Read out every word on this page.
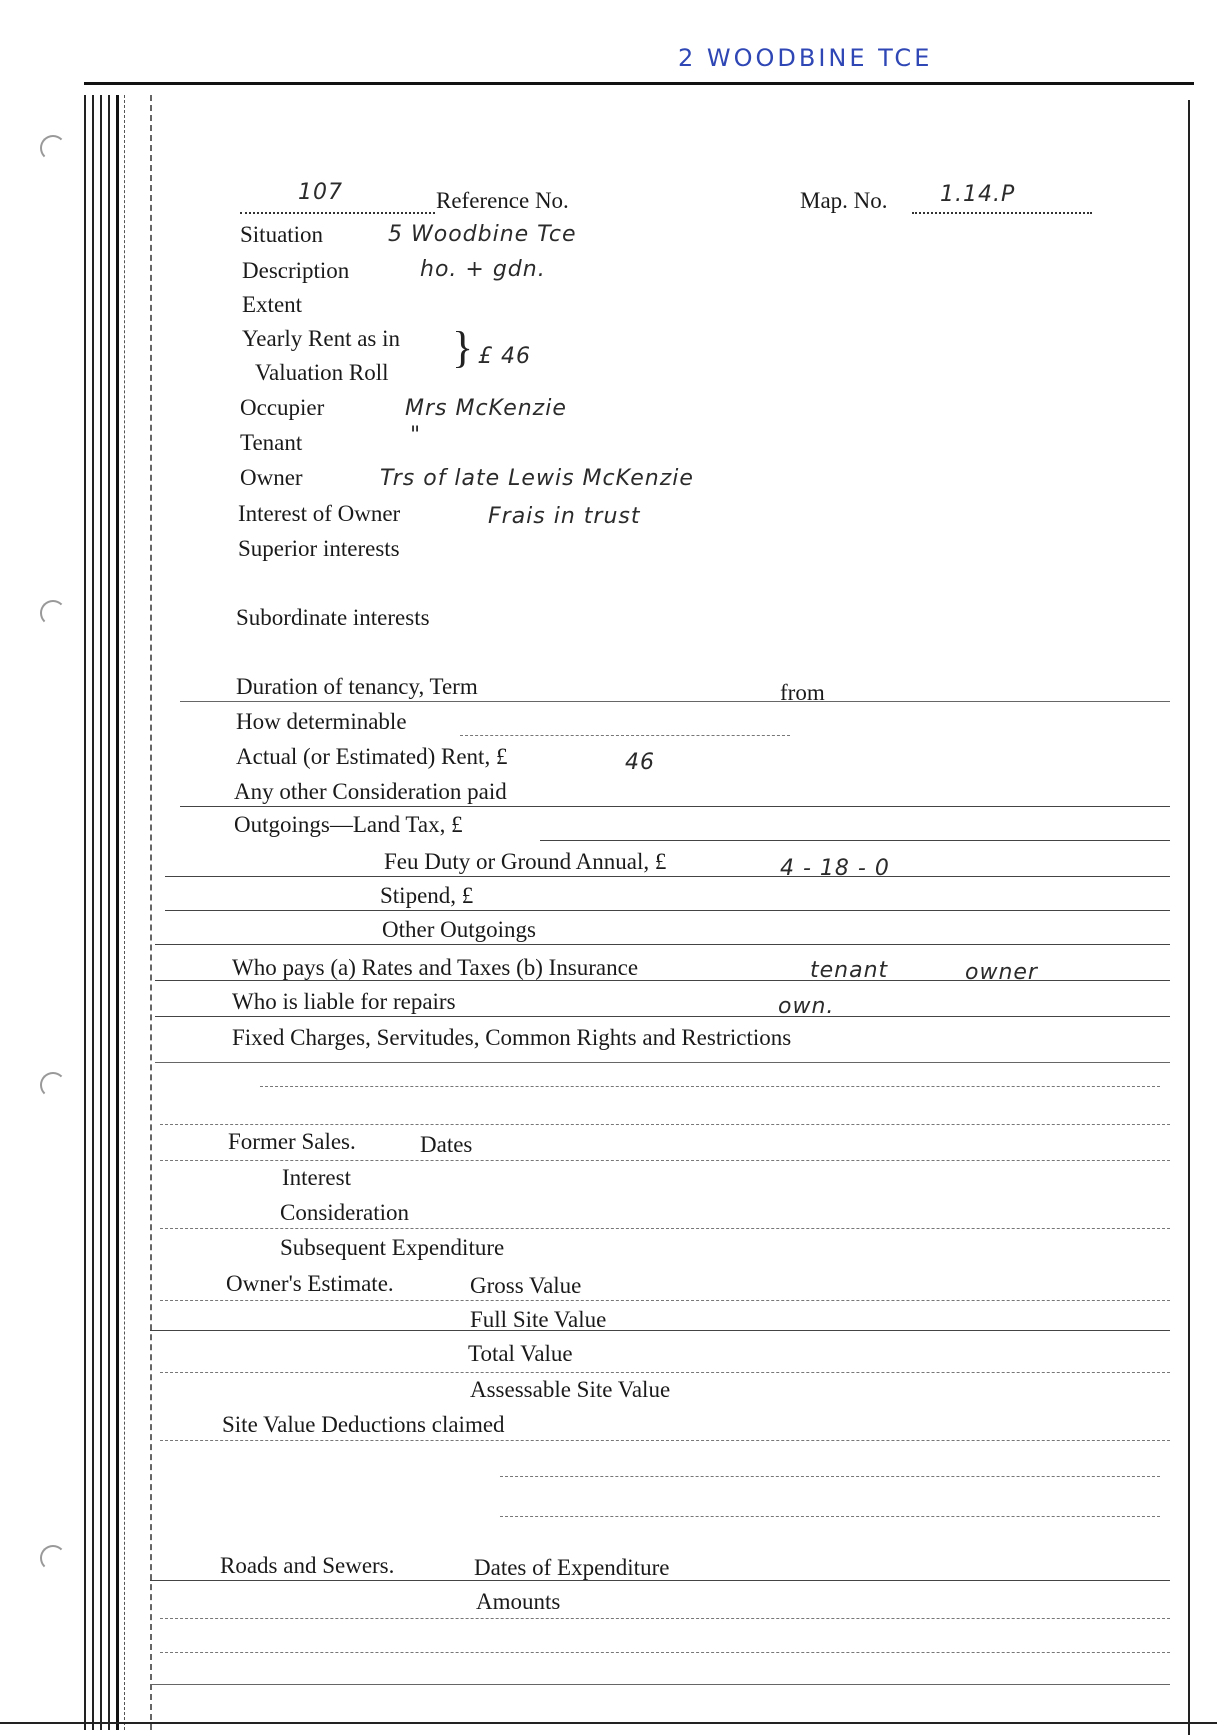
2 WOODBINE TCE
107	Reference No.	Map. No. 1.14.P
Situation	5 Woodbine Tce
Description	ho. + gdn.
Extent
Yearly Rent as in
Valuation Roll
} £ 46
Occupier	Mrs McKenzie
Tenant	"
Owner	Trs of late Lewis McKenzie
Interest of Owner	Frais in trust
Superior interests
Subordinate interests
Duration of tenancy, Term	from
How determinable
Actual (or Estimated) Rent, £	46
Any other Consideration paid
Outgoings—Land Tax, £
Feu Duty or Ground Annual, £	4 - 18 - 0
Stipend, £
Other Outgoings
Who pays (a) Rates and Taxes (b) Insurance	tenant	owner
Who is liable for repairs	own.
Fixed Charges, Servitudes, Common Rights and Restrictions
Former Sales.	Dates
Interest
Consideration
Subsequent Expenditure
Owner's Estimate.	Gross Value
Full Site Value
Total Value
Assessable Site Value
Site Value Deductions claimed
Roads and Sewers.	Dates of Expenditure
Amounts
